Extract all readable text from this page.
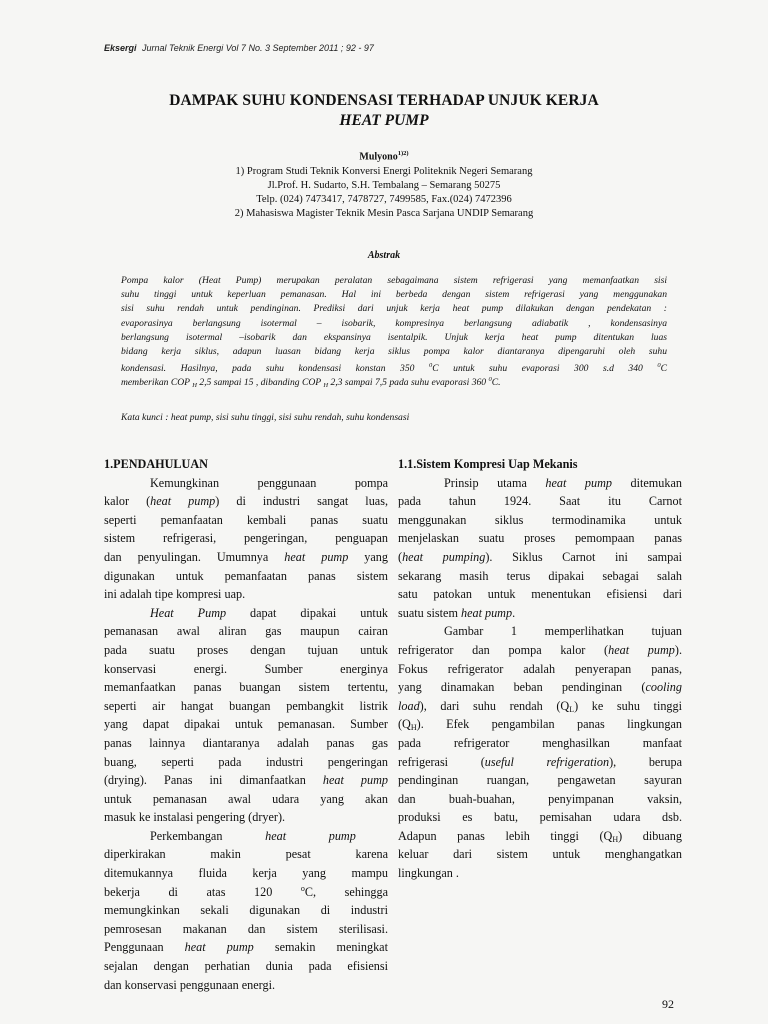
Eksergi Jurnal Teknik Energi Vol 7 No. 3 September 2011 ; 92 - 97
DAMPAK SUHU KONDENSASI TERHADAP UNJUK KERJA
HEAT PUMP
Mulyono$^{1)2)}$
1) Program Studi Teknik Konversi Energi Politeknik Negeri Semarang
Jl.Prof. H. Sudarto, S.H. Tembalang – Semarang 50275
Telp. (024) 7473417, 7478727, 7499585, Fax.(024) 7472396
2) Mahasiswa Magister Teknik Mesin Pasca Sarjana UNDIP Semarang
Abstrak
Pompa kalor (Heat Pump) merupakan peralatan sebagaimana sistem refrigerasi yang memanfaatkan sisi
suhu tinggi untuk keperluan pemanasan. Hal ini berbeda dengan sistem refrigerasi yang menggunakan
sisi suhu rendah untuk pendinginan. Prediksi dari unjuk kerja heat pump dilakukan dengan pendekatan :
evaporasinya berlangsung isotermal – isobarik, kompresinya berlangsung adiabatik , kondensasinya
berlangsung isotermal –isobarik dan ekspansinya isentalpik. Unjuk kerja heat pump ditentukan luas
bidang kerja siklus, adapun luasan bidang kerja siklus pompa kalor diantaranya dipengaruhi oleh suhu
kondensasi. Hasilnya, pada suhu kondensasi konstan 350 $^0$C untuk suhu evaporasi 300 s.d 340 $^0$C
memberikan COP $_H$ 2,5 sampai 15 , dibanding COP $_H$ 2,3 sampai 7,5 pada suhu evaporasi 360 $^0$C.
Kata kunci : heat pump, sisi suhu tinggi, sisi suhu rendah, suhu kondensasi
1.PENDAHULUAN
Kemungkinan penggunaan pompa
kalor (heat pump) di industri sangat luas,
seperti pemanfaatan kembali panas suatu
sistem refrigerasi, pengeringan, penguapan
dan penyulingan. Umumnya heat pump yang
digunakan untuk pemanfaatan panas sistem
ini adalah tipe kompresi uap.
Heat Pump dapat dipakai untuk
pemanasan awal aliran gas maupun cairan
pada suatu proses dengan tujuan untuk
konservasi energi. Sumber energinya
memanfaatkan panas buangan sistem tertentu,
seperti air hangat buangan pembangkit listrik
yang dapat dipakai untuk pemanasan. Sumber
panas lainnya diantaranya adalah panas gas
buang, seperti pada industri pengeringan
(drying). Panas ini dimanfaatkan heat pump
untuk pemanasan awal udara yang akan
masuk ke instalasi pengering (dryer).
Perkembangan    	heat    	pump
diperkirakan makin pesat karena
ditemukannya fluida kerja yang mampu
bekerja di atas 120 $^o$C, sehingga
memungkinkan sekali digunakan di industri
pemrosesan makanan dan sistem sterilisasi.
Penggunaan heat pump semakin meningkat
sejalan dengan perhatian dunia pada efisiensi
dan konservasi penggunaan energi.
1.1.Sistem Kompresi Uap Mekanis
Prinsip utama heat pump ditemukan
pada tahun 1924. Saat itu Carnot
menggunakan siklus termodinamika untuk
menjelaskan suatu proses pemompaan panas
(heat pumping). Siklus Carnot ini sampai
sekarang masih terus dipakai sebagai salah
satu patokan untuk menentukan efisiensi dari
suatu sistem heat pump.
Gambar 1 memperlihatkan tujuan
refrigerator dan pompa kalor (heat pump).
Fokus refrigerator adalah penyerapan panas,
yang dinamakan beban pendinginan (cooling
load), dari suhu rendah $(Q_L)$ ke suhu tinggi
$(Q_H)$. Efek pengambilan panas lingkungan
pada refrigerator menghasilkan manfaat
refrigerasi (useful refrigeration), berupa
pendinginan ruangan, pengawetan sayuran
dan buah-buahan, penyimpanan vaksin,
produksi es batu, pemisahan udara dsb.
Adapun panas lebih tinggi $(Q_H)$ dibuang
keluar dari sistem untuk menghangatkan
lingkungan .
92
